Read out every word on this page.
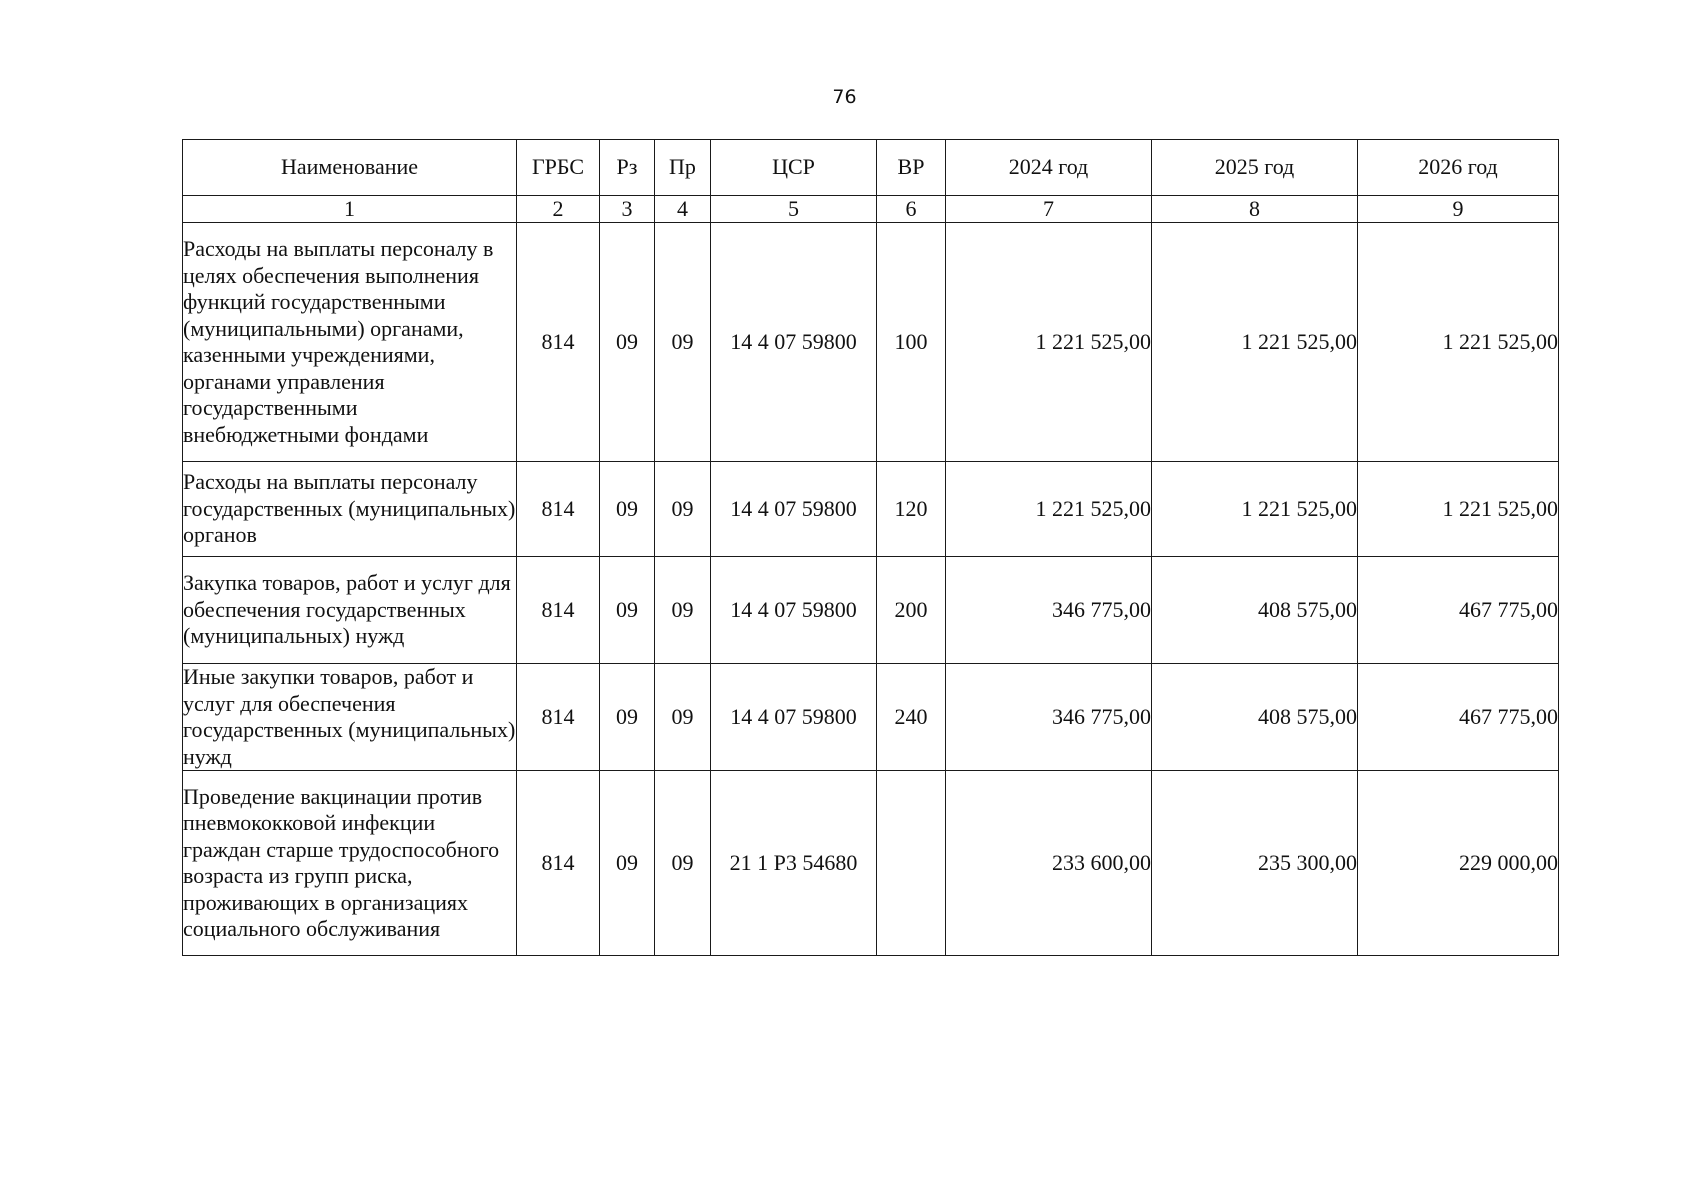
76
Наименование	ГРБС	Рз	Пр	ЦСР	ВР	2024 год	2025 год	2026 год
1	2	3	4	5	6	7	8	9
Расходы на выплаты персоналу в целях обеспечения выполнения функций государственными (муниципальными) органами, казенными учреждениями, органами управления государственными внебюджетными фондами	814	09	09	14 4 07 59800	100	1 221 525,00	1 221 525,00	1 221 525,00
Расходы на выплаты персоналу государственных (муниципальных) органов	814	09	09	14 4 07 59800	120	1 221 525,00	1 221 525,00	1 221 525,00
Закупка товаров, работ и услуг для обеспечения государственных (муниципальных) нужд	814	09	09	14 4 07 59800	200	346 775,00	408 575,00	467 775,00
Иные закупки товаров, работ и услуг для обеспечения государственных (муниципальных) нужд	814	09	09	14 4 07 59800	240	346 775,00	408 575,00	467 775,00
Проведение вакцинации против пневмококковой инфекции граждан старше трудоспособного возраста из групп риска, проживающих в организациях социального обслуживания	814	09	09	21 1 P3 54680		233 600,00	235 300,00	229 000,00
